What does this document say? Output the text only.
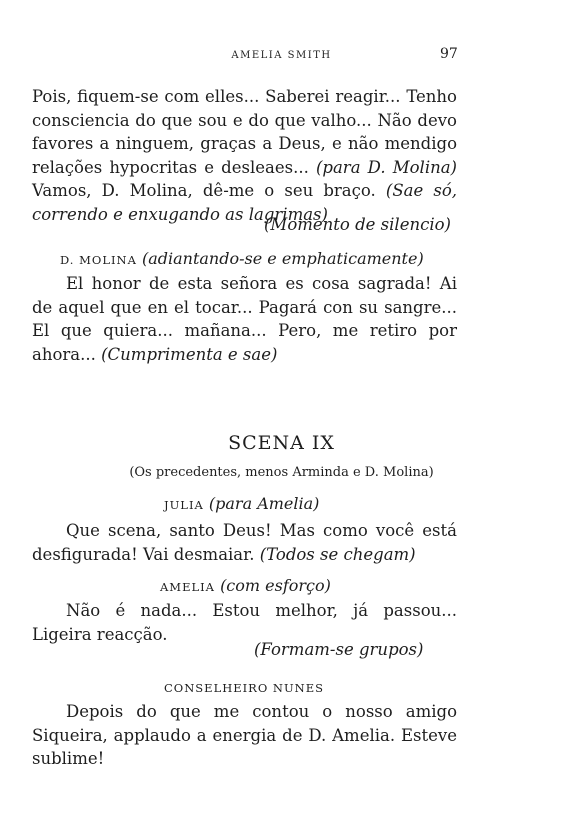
AMELIA SMITH	97

Pois, fiquem-se com elles... Saberei reagir... Tenho consciencia do que sou e do que valho... Não devo favores a ninguem, graças a Deus, e não mendigo relações hypocritas e desleaes... (para D. Molina) Vamos, D. Molina, dê-me o seu braço. (Sae só, correndo e enxugando as lagrimas)

(Momento de silencio)
D. MOLINA (adiantando-se e emphaticamente)

El honor de esta señora es cosa sagrada! Ai de aquel que en el tocar... Pagará con su sangre... El que quiera... mañana... Pero, me retiro por ahora... (Cumprimenta e sae)

SCENA IX
(Os precedentes, menos Arminda e D. Molina)
JULIA (para Amelia)

Que scena, santo Deus! Mas como você está desfigurada! Vai desmaiar. (Todos se chegam)

AMELIA (com esforço)

Não é nada... Estou melhor, já passou... Ligeira reacção.

(Formam-se grupos)
CONSELHEIRO NUNES

Depois do que me contou o nosso amigo Siqueira, applaudo a energia de D. Amelia. Esteve sublime!
